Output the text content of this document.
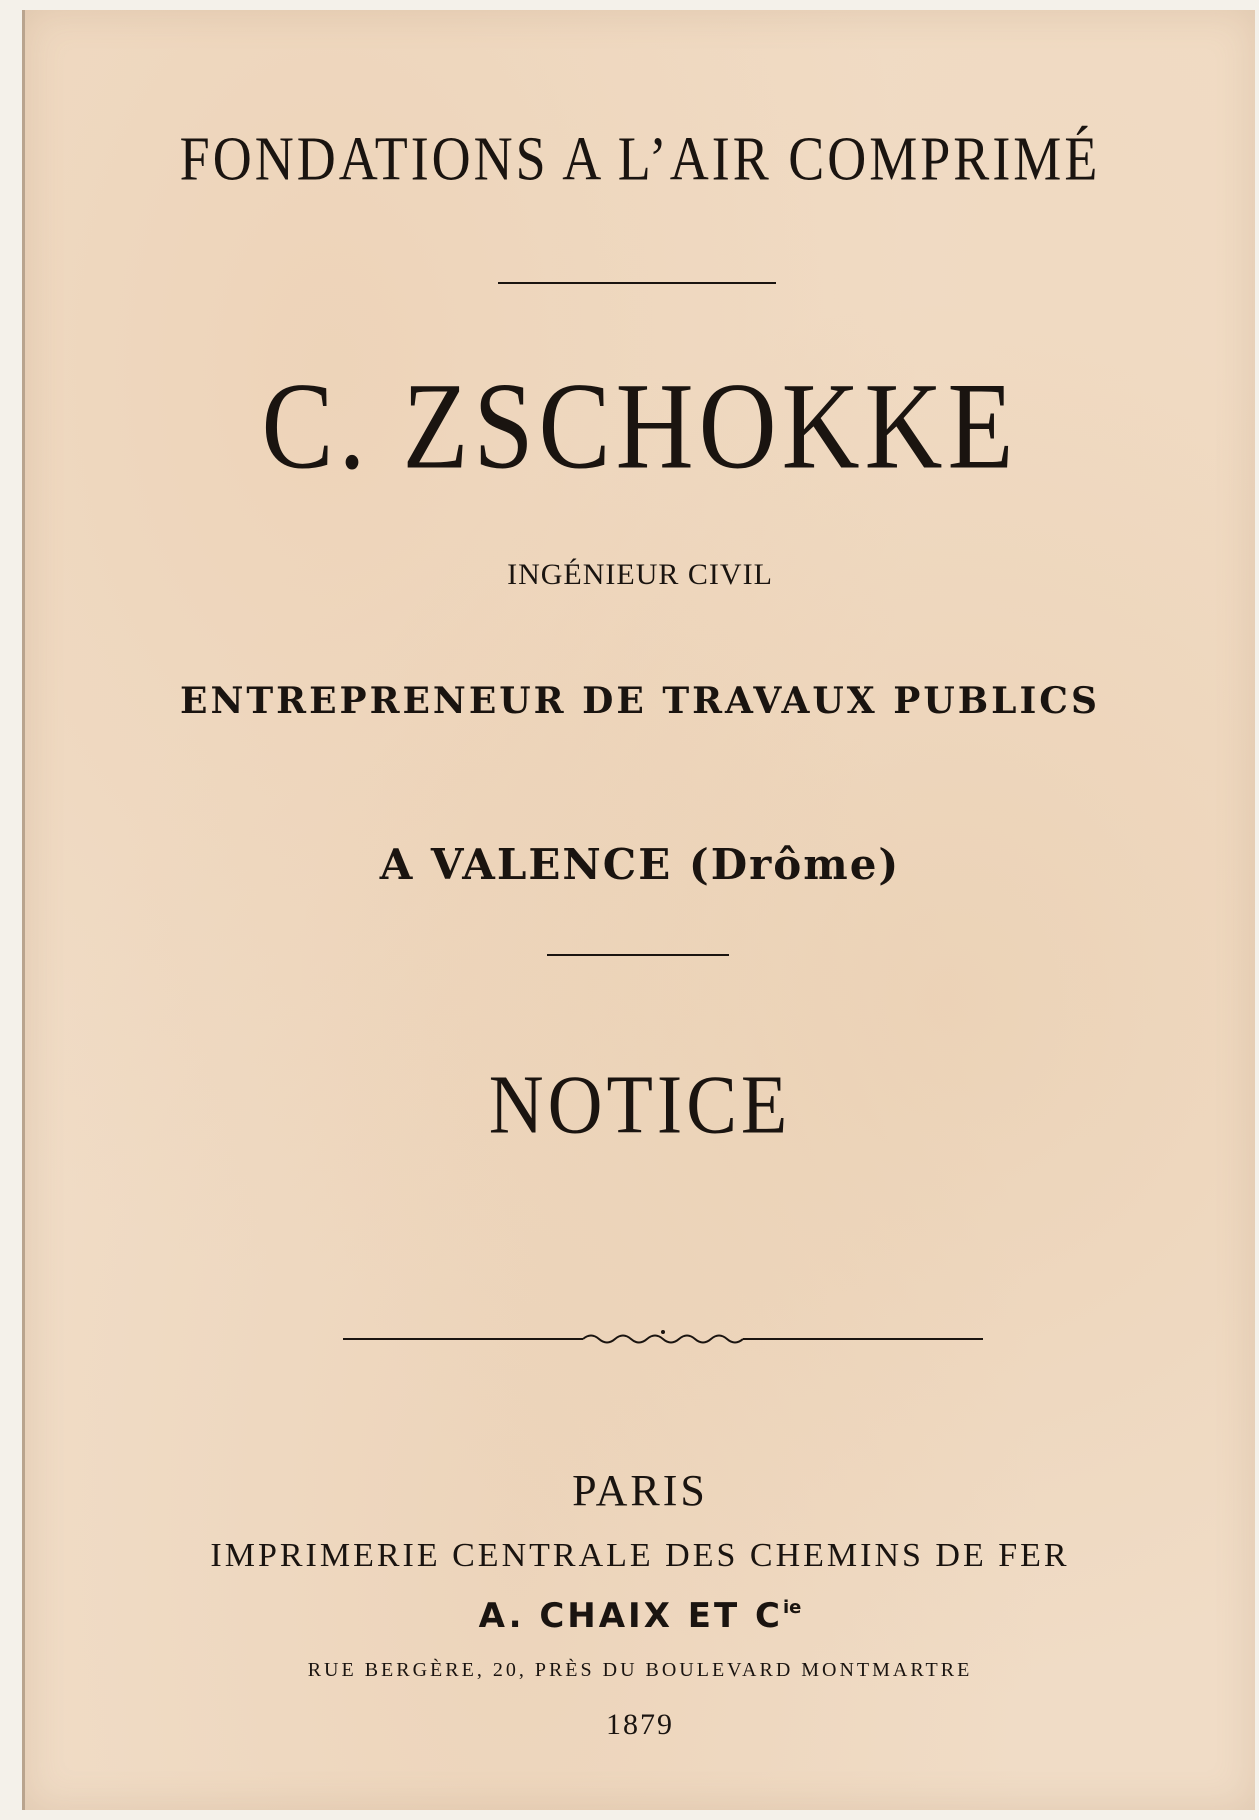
FONDATIONS A L’AIR COMPRIMÉ
C. ZSCHOKKE
INGÉNIEUR CIVIL
ENTREPRENEUR DE TRAVAUX PUBLICS
A VALENCE (Drôme)
NOTICE
PARIS
IMPRIMERIE CENTRALE DES CHEMINS DE FER
A. CHAIX ET $C^{ie}$
RUE BERGÈRE, 20, PRÈS DU BOULEVARD MONTMARTRE
1879
